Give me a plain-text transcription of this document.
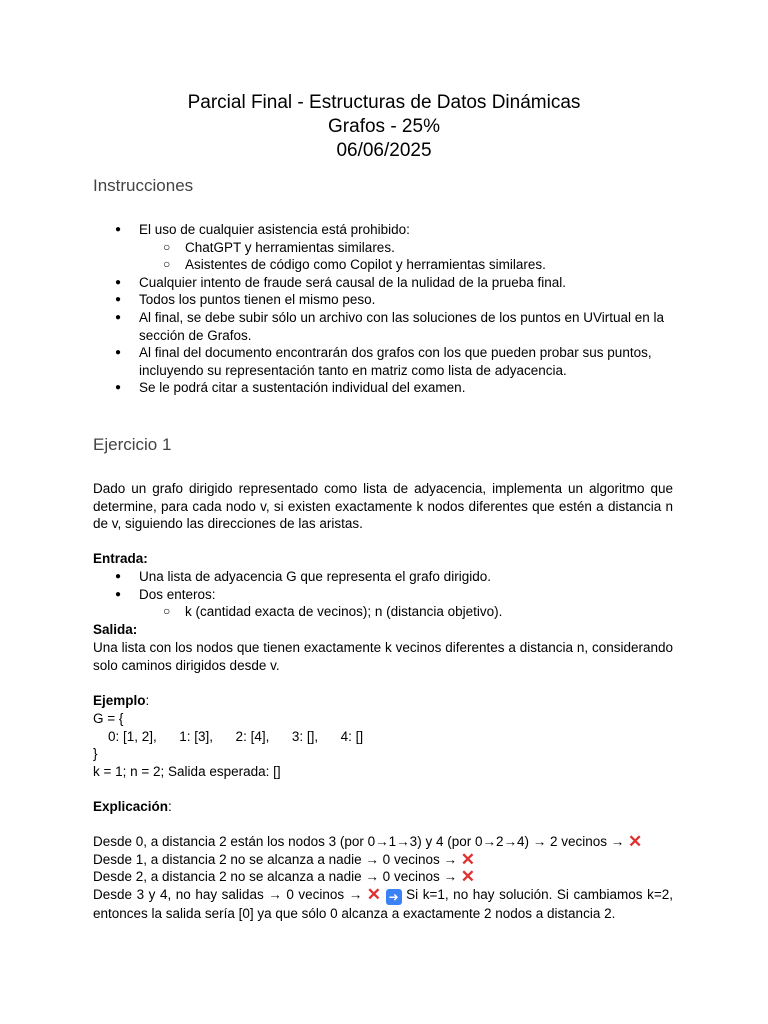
Parcial Final - Estructuras de Datos Dinámicas
Grafos - 25%
06/06/2025
Instrucciones
● El uso de cualquier asistencia está prohibido:
○ ChatGPT y herramientas similares.
○ Asistentes de código como Copilot y herramientas similares.
● Cualquier intento de fraude será causal de la nulidad de la prueba final.
● Todos los puntos tienen el mismo peso.
● Al final, se debe subir sólo un archivo con las soluciones de los puntos en UVirtual en la sección de Grafos.
● Al final del documento encontrarán dos grafos con los que pueden probar sus puntos, incluyendo su representación tanto en matriz como lista de adyacencia.
● Se le podrá citar a sustentación individual del examen.
Ejercicio 1
Dado un grafo dirigido representado como lista de adyacencia, implementa un algoritmo que determine, para cada nodo v, si existen exactamente k nodos diferentes que estén a distancia n de v, siguiendo las direcciones de las aristas.
Entrada:
● Una lista de adyacencia G que representa el grafo dirigido.
● Dos enteros:
○ k (cantidad exacta de vecinos); n (distancia objetivo).
Salida:
Una lista con los nodos que tienen exactamente k vecinos diferentes a distancia n, considerando solo caminos dirigidos desde v.
Ejemplo:
G = {
0: [1, 2],      1: [3],      2: [4],      3: [],      4: []
}
k = 1; n = 2; Salida esperada: []
Explicación:
Desde 0, a distancia 2 están los nodos 3 (por 0→1→3) y 4 (por 0→2→4) → 2 vecinos → ✕
Desde 1, a distancia 2 no se alcanza a nadie → 0 vecinos → ✕
Desde 2, a distancia 2 no se alcanza a nadie → 0 vecinos → ✕
Desde 3 y 4, no hay salidas → 0 vecinos → ✕ ➜ Si k=1, no hay solución. Si cambiamos k=2, entonces la salida sería [0] ya que sólo 0 alcanza a exactamente 2 nodos a distancia 2.
